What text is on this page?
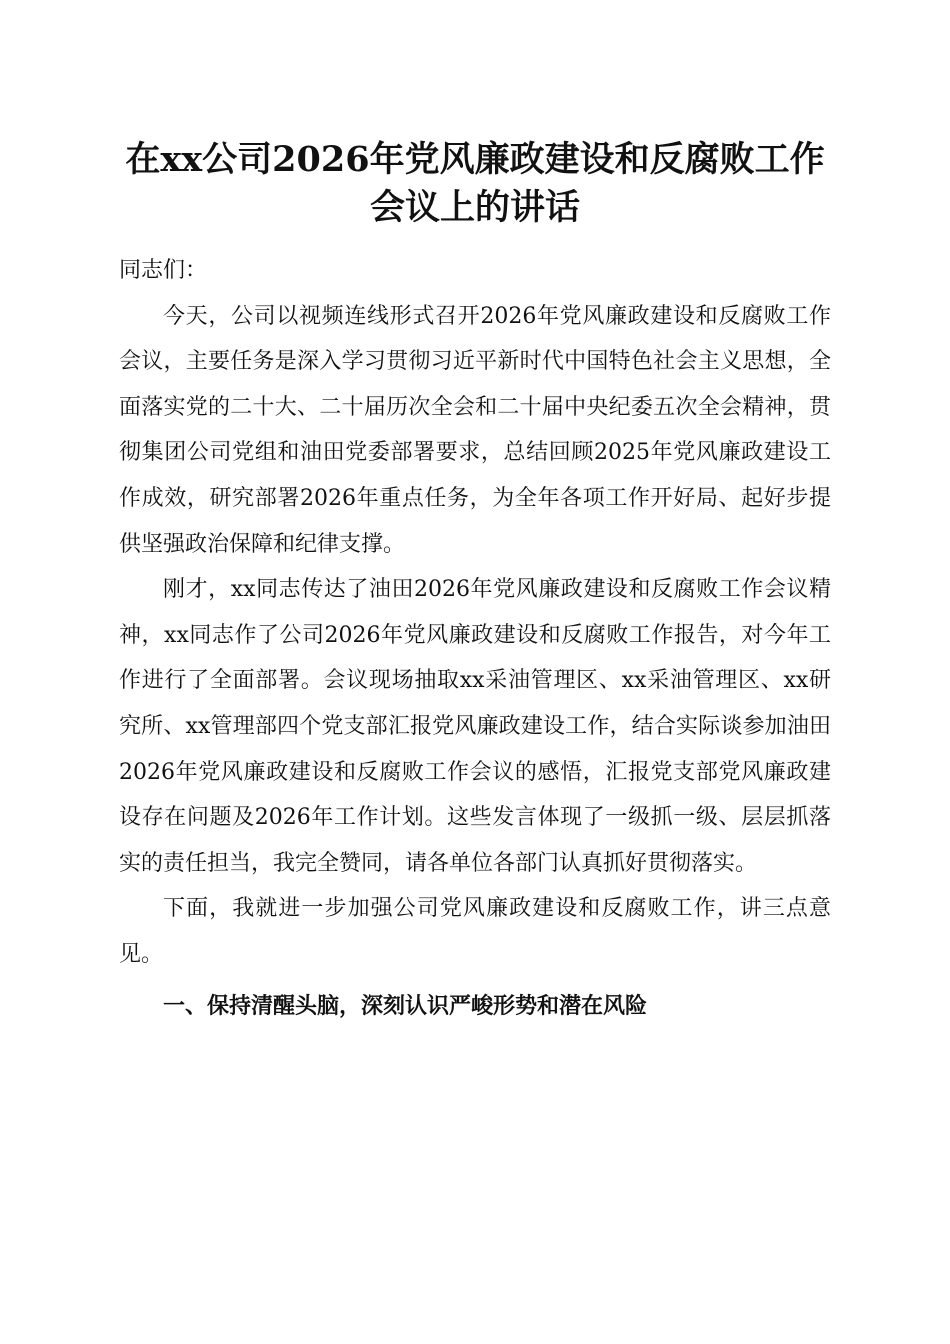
在xx公司2026年党风廉政建设和反腐败工作
会议上的讲话

同志们：

今天，公司以视频连线形式召开2026年党风廉政建设和反腐败工作会议，主要任务是深入学习贯彻习近平新时代中国特色社会主义思想，全面落实党的二十大、二十届历次全会和二十届中央纪委五次全会精神，贯彻集团公司党组和油田党委部署要求，总结回顾2025年党风廉政建设工作成效，研究部署2026年重点任务，为全年各项工作开好局、起好步提供坚强政治保障和纪律支撑。

刚才，xx同志传达了油田2026年党风廉政建设和反腐败工作会议精神，xx同志作了公司2026年党风廉政建设和反腐败工作报告，对今年工作进行了全面部署。会议现场抽取xx采油管理区、xx采油管理区、xx研究所、xx管理部四个党支部汇报党风廉政建设工作，结合实际谈参加油田2026年党风廉政建设和反腐败工作会议的感悟，汇报党支部党风廉政建设存在问题及2026年工作计划。这些发言体现了一级抓一级、层层抓落实的责任担当，我完全赞同，请各单位各部门认真抓好贯彻落实。

下面，我就进一步加强公司党风廉政建设和反腐败工作，讲三点意见。

一、保持清醒头脑，深刻认识严峻形势和潜在风险
